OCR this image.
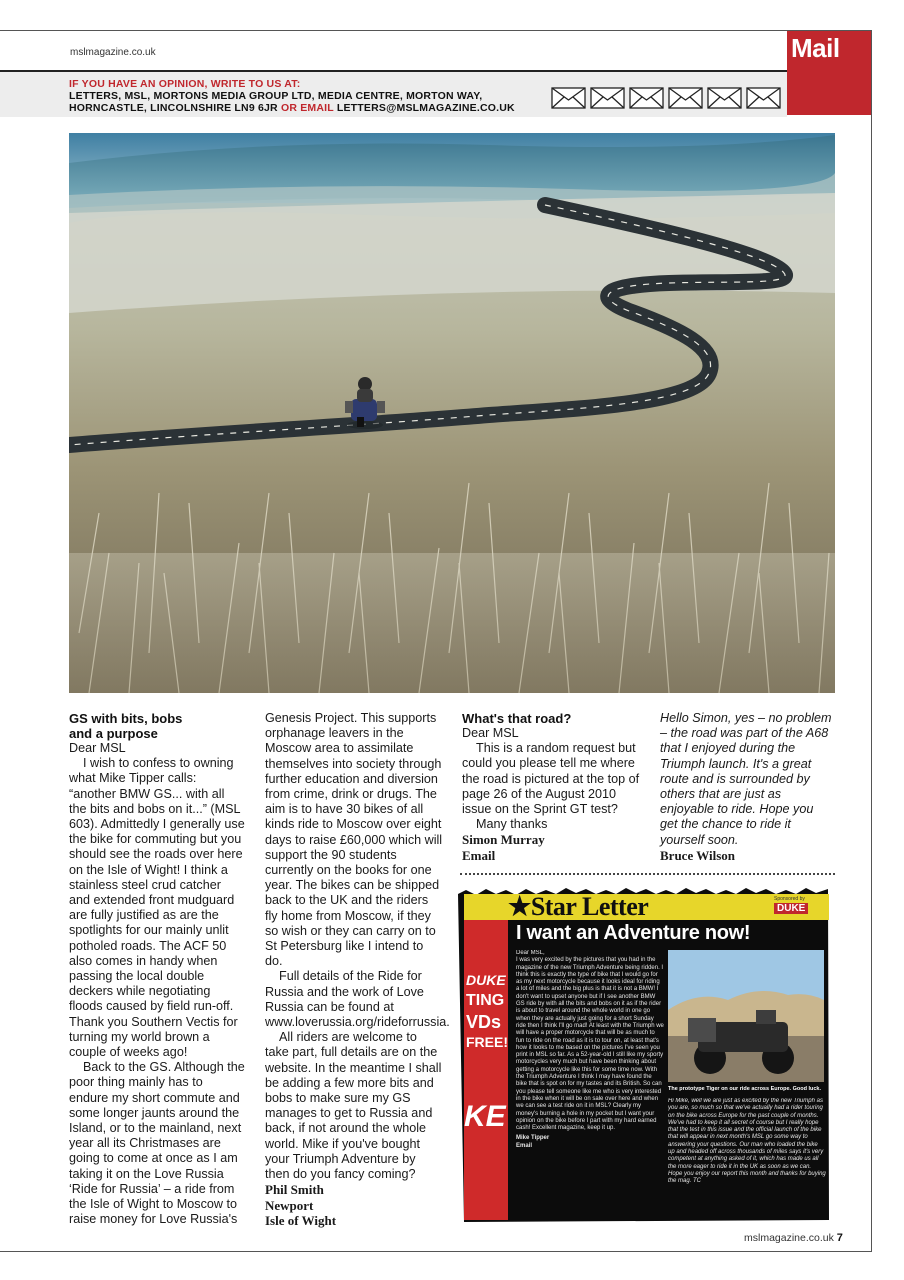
mslmagazine.co.uk	Mail
IF YOU HAVE AN OPINION, WRITE TO US AT:
LETTERS, MSL, MORTONS MEDIA GROUP LTD, MEDIA CENTRE, MORTON WAY,
HORNCASTLE, LINCOLNSHIRE LN9 6JR OR EMAIL LETTERS@MSLMAGAZINE.CO.UK
GS with bits, bobs
and a purpose

Dear MSL

I wish to confess to owning what Mike Tipper calls: “another BMW GS... with all the bits and bobs on it...” (MSL 603). Admittedly I generally use the bike for commuting but you should see the roads over here on the Isle of Wight! I think a stainless steel crud catcher and extended front mudguard are fully justified as are the spotlights for our mainly unlit potholed roads. The ACF 50 also comes in handy when passing the local double deckers while negotiating floods caused by field run-off. Thank you Southern Vectis for turning my world brown a couple of weeks ago!

Back to the GS. Although the poor thing mainly has to endure my short commute and some longer jaunts around the Island, or to the mainland, next year all its Christmases are going to come at once as I am taking it on the Love Russia ‘Ride for Russia’ – a ride from the Isle of Wight to Moscow to raise money for Love Russia's

Genesis Project. This supports orphanage leavers in the Moscow area to assimilate themselves into society through further education and diversion from crime, drink or drugs. The aim is to have 30 bikes of all kinds ride to Moscow over eight days to raise £60,000 which will support the 90 students currently on the books for one year. The bikes can be shipped back to the UK and the riders fly home from Moscow, if they so wish or they can carry on to St Petersburg like I intend to do.

Full details of the Ride for Russia and the work of Love Russia can be found at www.loverussia.org/rideforrussia.

All riders are welcome to take part, full details are on the website. In the meantime I shall be adding a few more bits and bobs to make sure my GS manages to get to Russia and back, if not around the whole world. Mike if you've bought your Triumph Adventure by then do you fancy coming?

Phil Smith
Newport
Isle of Wight
What's that road?

Dear MSL

This is a random request but could you please tell me where the road is pictured at the top of page 26 of the August 2010 issue on the Sprint GT test?

Many thanks

Simon Murray
Email

Hello Simon, yes – no problem – the road was part of the A68 that I enjoyed during the Triumph launch. It's a great route and is surrounded by others that are just as enjoyable to ride. Hope you get the chance to ride it yourself soon.

Bruce Wilson
★Star Letter	Sponsored by
DUKE
I want an Adventure now!
DUKE
TING
VDs
FREE!
KE
Dear MSL,
I was very excited by the pictures that you had in the magazine of the new Triumph Adventure being ridden. I think this is exactly the type of bike that I would go for as my next motorcycle because it looks ideal for riding a lot of miles and the big plus is that it is not a BMW! I don't want to upset anyone but if I see another BMW GS ride by with all the bits and bobs on it as if the rider is about to travel around the whole world in one go when they are actually just going for a short Sunday ride then I think I'll go mad! At least with the Triumph we will have a proper motorcycle that will be as much to fun to ride on the road as it is to tour on, at least that's how it looks to me based on the pictures I've seen you print in MSL so far. As a 52-year-old I still like my sporty motorcycles very much but have been thinking about getting a motorcycle like this for some time now. With the Triumph Adventure I think I may have found the bike that is spot on for my tastes and its British. So can you please tell someone like me who is very interested in the bike when it will be on sale over here and when we can see a test ride on it in MSL? Clearly my money's burning a hole in my pocket but I want your opinion on the bike before I part with my hard earned cash! Excellent magazine, keep it up.
Mike Tipper
Email
The prototype Tiger on our ride across Europe. Good luck.
Hi Mike, well we are just as excited by the new Triumph as you are, so much so that we've actually had a rider touring on the bike across Europe for the past couple of months. We've had to keep it all secret of course but I really hope that the test in this issue and the official launch of the bike that will appear in next month's MSL go some way to answering your questions. Our man who loaded the bike up and headed off across thousands of miles says it's very competent at anything asked of it, which has made us all the more eager to ride it in the UK as soon as we can. Hope you enjoy our report this month and thanks for buying the mag. TC
mslmagazine.co.uk 7
